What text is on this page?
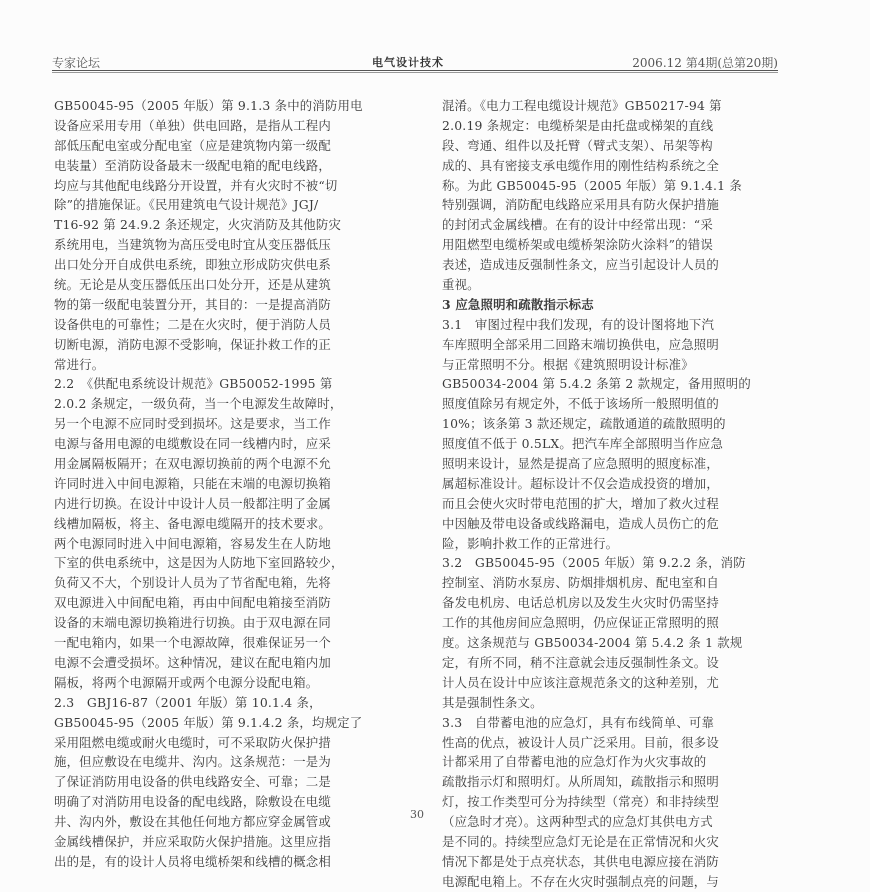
专家论坛	电气设计技术	2006.12 第4期(总第20期)
GB50045-95（2005 年版）第 9.1.3 条中的消防用电
设备应采用专用（单独）供电回路，是指从工程内
部低压配电室或分配电室（应是建筑物内第一级配
电装量）至消防设备最末一级配电箱的配电线路，
均应与其他配电线路分开设置，并有火灾时不被“切
除”的措施保证。《民用建筑电气设计规范》JGJ/
T16-92 第 24.9.2 条还规定，火灾消防及其他防灾
系统用电，当建筑物为高压受电时宜从变压器低压
出口处分开自成供电系统，即独立形成防灾供电系
统。无论是从变压器低压出口处分开，还是从建筑
物的第一级配电装置分开，其目的：一是提高消防
设备供电的可靠性；二是在火灾时，便于消防人员
切断电源，消防电源不受影响，保证扑救工作的正
常进行。
2.2　《供配电系统设计规范》GB50052-1995 第
2.0.2 条规定，一级负荷，当一个电源发生故障时，
另一个电源不应同时受到损坏。这是要求，当工作
电源与备用电源的电缆敷设在同一线槽内时，应采
用金属隔板隔开；在双电源切换前的两个电源不允
许同时进入中间电源箱，只能在末端的电源切换箱
内进行切换。在设计中设计人员一般都注明了金属
线槽加隔板，将主、备电源电缆隔开的技术要求。
两个电源同时进入中间电源箱，容易发生在人防地
下室的供电系统中，这是因为人防地下室回路较少，
负荷又不大，个别设计人员为了节省配电箱，先将
双电源进入中间配电箱，再由中间配电箱接至消防
设备的末端电源切换箱进行切换。由于双电源在同
一配电箱内，如果一个电源故障，很难保证另一个
电源不会遭受损坏。这种情况，建议在配电箱内加
隔板，将两个电源隔开或两个电源分设配电箱。
2.3　GBJ16-87（2001 年版）第 10.1.4 条，
GB50045-95（2005 年版）第 9.1.4.2 条，均规定了
采用阻燃电缆或耐火电缆时，可不采取防火保护措
施，但应敷设在电缆井、沟内。这条规范：一是为
了保证消防用电设备的供电线路安全、可靠；二是
明确了对消防用电设备的配电线路，除敷设在电缆
井、沟内外，敷设在其他任何地方都应穿金属管或
金属线槽保护，并应采取防火保护措施。这里应指
出的是，有的设计人员将电缆桥架和线槽的概念相
混淆。《电力工程电缆设计规范》GB50217-94 第
2.0.19 条规定：电缆桥架是由托盘或梯架的直线
段、弯通、组件以及托臂（臂式支架）、吊架等构
成的、具有密接支承电缆作用的刚性结构系统之全
称。为此 GB50045-95（2005 年版）第 9.1.4.1 条
特别强调，消防配电线路应采用具有防火保护措施
的封闭式金属线槽。在有的设计中经常出现：“采
用阻燃型电缆桥架或电缆桥架涂防火涂料”的错误
表述，造成违反强制性条文，应当引起设计人员的
重视。
3 应急照明和疏散指示标志
3.1　审图过程中我们发现，有的设计图将地下汽
车库照明全部采用二回路末端切换供电，应急照明
与正常照明不分。根据《建筑照明设计标准》
GB50034-2004 第 5.4.2 条第 2 款规定，备用照明的
照度值除另有规定外，不低于该场所一般照明值的
10%；该条第 3 款还规定，疏散通道的疏散照明的
照度值不低于 0.5LX。把汽车库全部照明当作应急
照明来设计，显然是提高了应急照明的照度标准，
属超标准设计。超标设计不仅会造成投资的增加，
而且会使火灾时带电范围的扩大，增加了救火过程
中因触及带电设备或线路漏电，造成人员伤亡的危
险，影响扑救工作的正常进行。
3.2　GB50045-95（2005 年版）第 9.2.2 条，消防
控制室、消防水泵房、防烟排烟机房、配电室和自
备发电机房、电话总机房以及发生火灾时仍需坚持
工作的其他房间应急照明，仍应保证正常照明的照
度。这条规范与 GB50034-2004 第 5.4.2 条 1 款规
定，有所不同，稍不注意就会违反强制性条文。设
计人员在设计中应该注意规范条文的这种差别，尤
其是强制性条文。
3.3　自带蓄电池的应急灯，具有布线简单、可靠
性高的优点，被设计人员广泛采用。目前，很多设
计都采用了自带蓄电池的应急灯作为火灾事故的
疏散指示灯和照明灯。从所周知，疏散指示和照明
灯，按工作类型可分为持续型（常亮）和非持续型
（应急时才亮）。这两种型式的应急灯其供电方式
是不同的。持续型应急灯无论是在正常情况和火灾
情况下都是处于点亮状态，其供电电源应接在消防
电源配电箱上。不存在火灾时强制点亮的问题，与
30
